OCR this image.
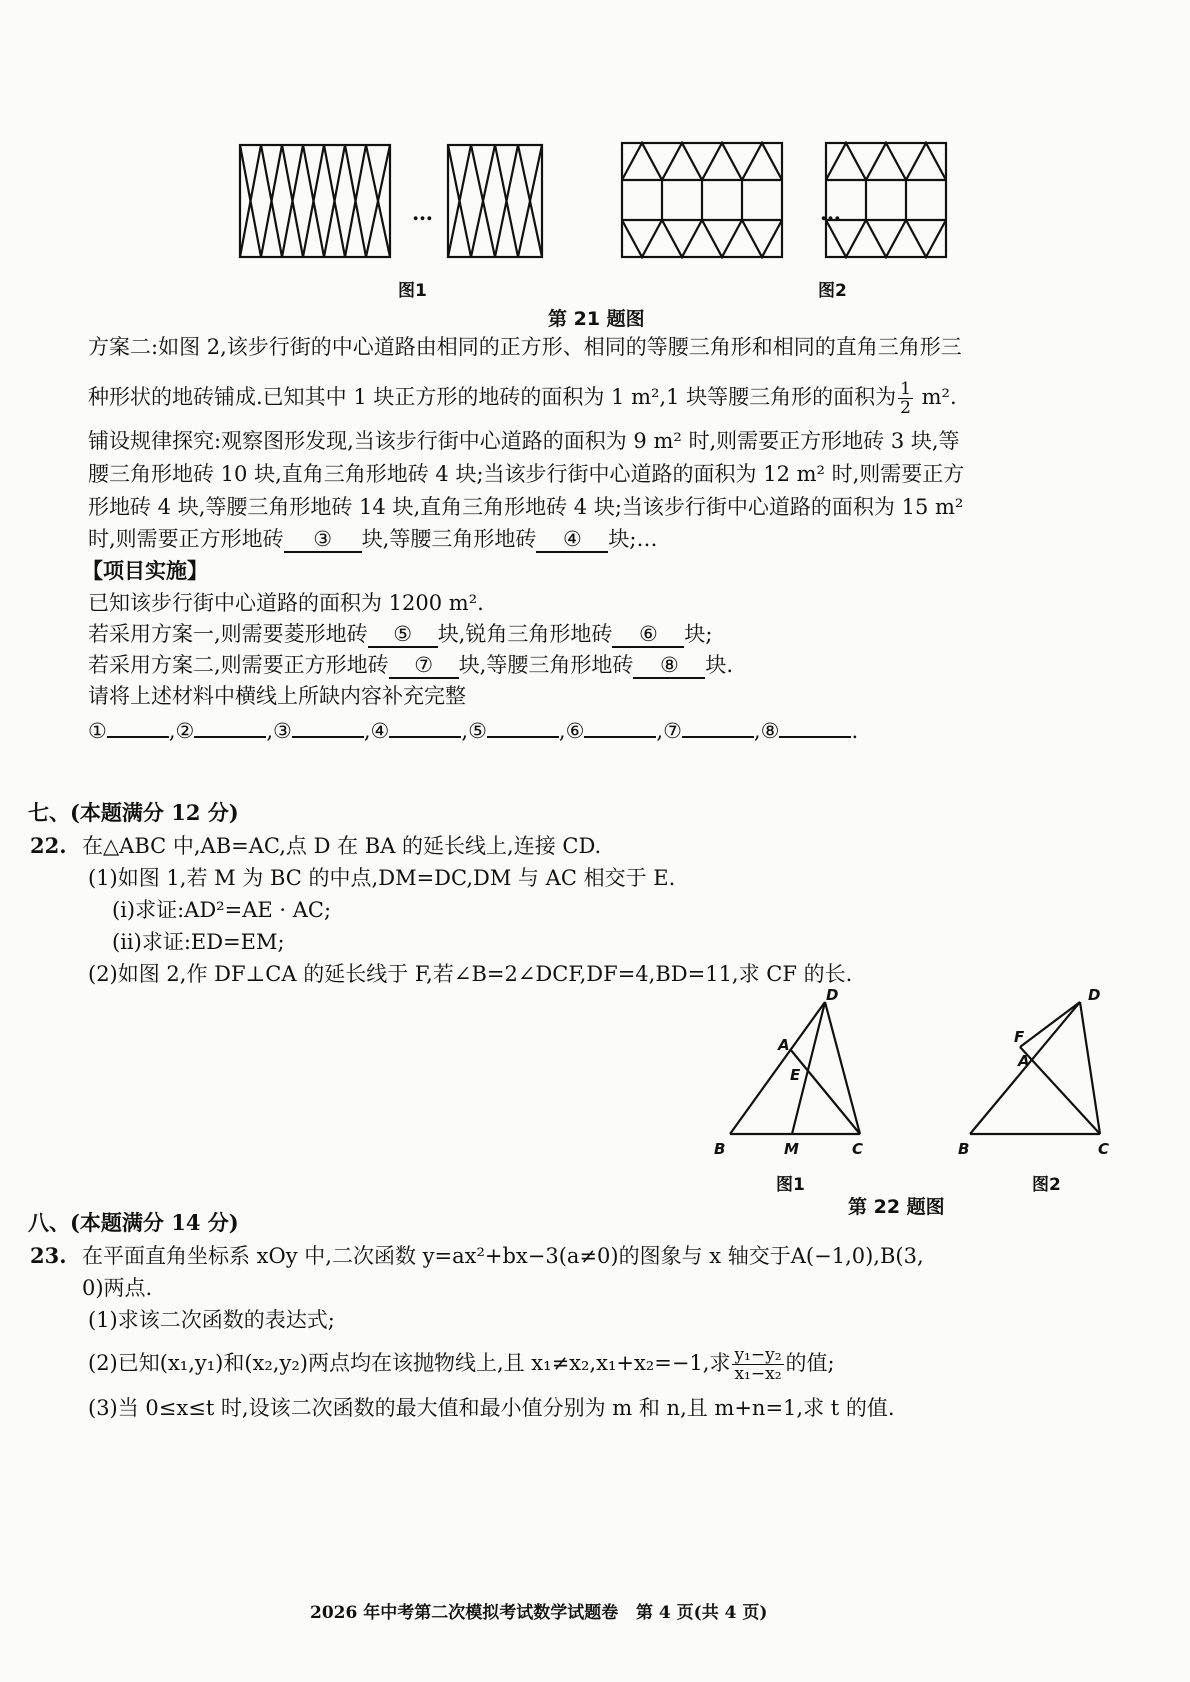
…	…
图1	图2
第 21 题图
方案二:如图 2,该步行街的中心道路由相同的正方形、相同的等腰三角形和相同的直角三角形三
种形状的地砖铺成.已知其中 1 块正方形的地砖的面积为 1 m²,1 块等腰三角形的面积为 $\frac{1}{2} m^2$.
铺设规律探究:观察图形发现,当该步行街中心道路的面积为 9 m² 时,则需要正方形地砖 3 块,等
腰三角形地砖 10 块,直角三角形地砖 4 块;当该步行街中心道路的面积为 12 m² 时,则需要正方
形地砖 4 块,等腰三角形地砖 14 块,直角三角形地砖 4 块;当该步行街中心道路的面积为 15 m²
时,则需要正方形地砖 ③ 块,等腰三角形地砖 ④ 块;…
【项目实施】
已知该步行街中心道路的面积为 1200 m².
若采用方案一,则需要菱形地砖 ⑤ 块,锐角三角形地砖 ⑥ 块;
若采用方案二,则需要正方形地砖 ⑦ 块,等腰三角形地砖 ⑧ 块.
请将上述材料中横线上所缺内容补充完整
①	,②	,③	,④	,⑤	,⑥	,⑦	,⑧	.
七、(本题满分 12 分)
22. 在△ABC 中,AB=AC,点 D 在 BA 的延长线上,连接 CD.
(1)如图 1,若 M 为 BC 的中点,DM=DC,DM 与 AC 相交于 E.
(i)求证:AD²=AE · AC;
(ii)求证:ED=EM;
(2)如图 2,作 DF⊥CA 的延长线于 F,若∠B=2∠DCF,DF=4,BD=11,求 CF 的长.
D
A
E
B	M	C
图1
D
F
A
B	C
图2
第 22 题图
八、(本题满分 14 分)
23. 在平面直角坐标系 xOy 中,二次函数 y=ax²+bx−3(a≠0)的图象与 x 轴交于A(−1,0),B(3,
0)两点.
(1)求该二次函数的表达式;
(2)已知(x₁,y₁)和(x₂,y₂)两点均在该抛物线上,且 x₁≠x₂,x₁+x₂=−1,求 $\frac{\text{y₁−y₂}}{\text{x₁−x₂}}$ 的值;
(3)当 0≤x≤t 时,设该二次函数的最大值和最小值分别为 m 和 n,且 m+n=1,求 t 的值.
2026 年中考第二次模拟考试数学试题卷   第 4 页(共 4 页)
